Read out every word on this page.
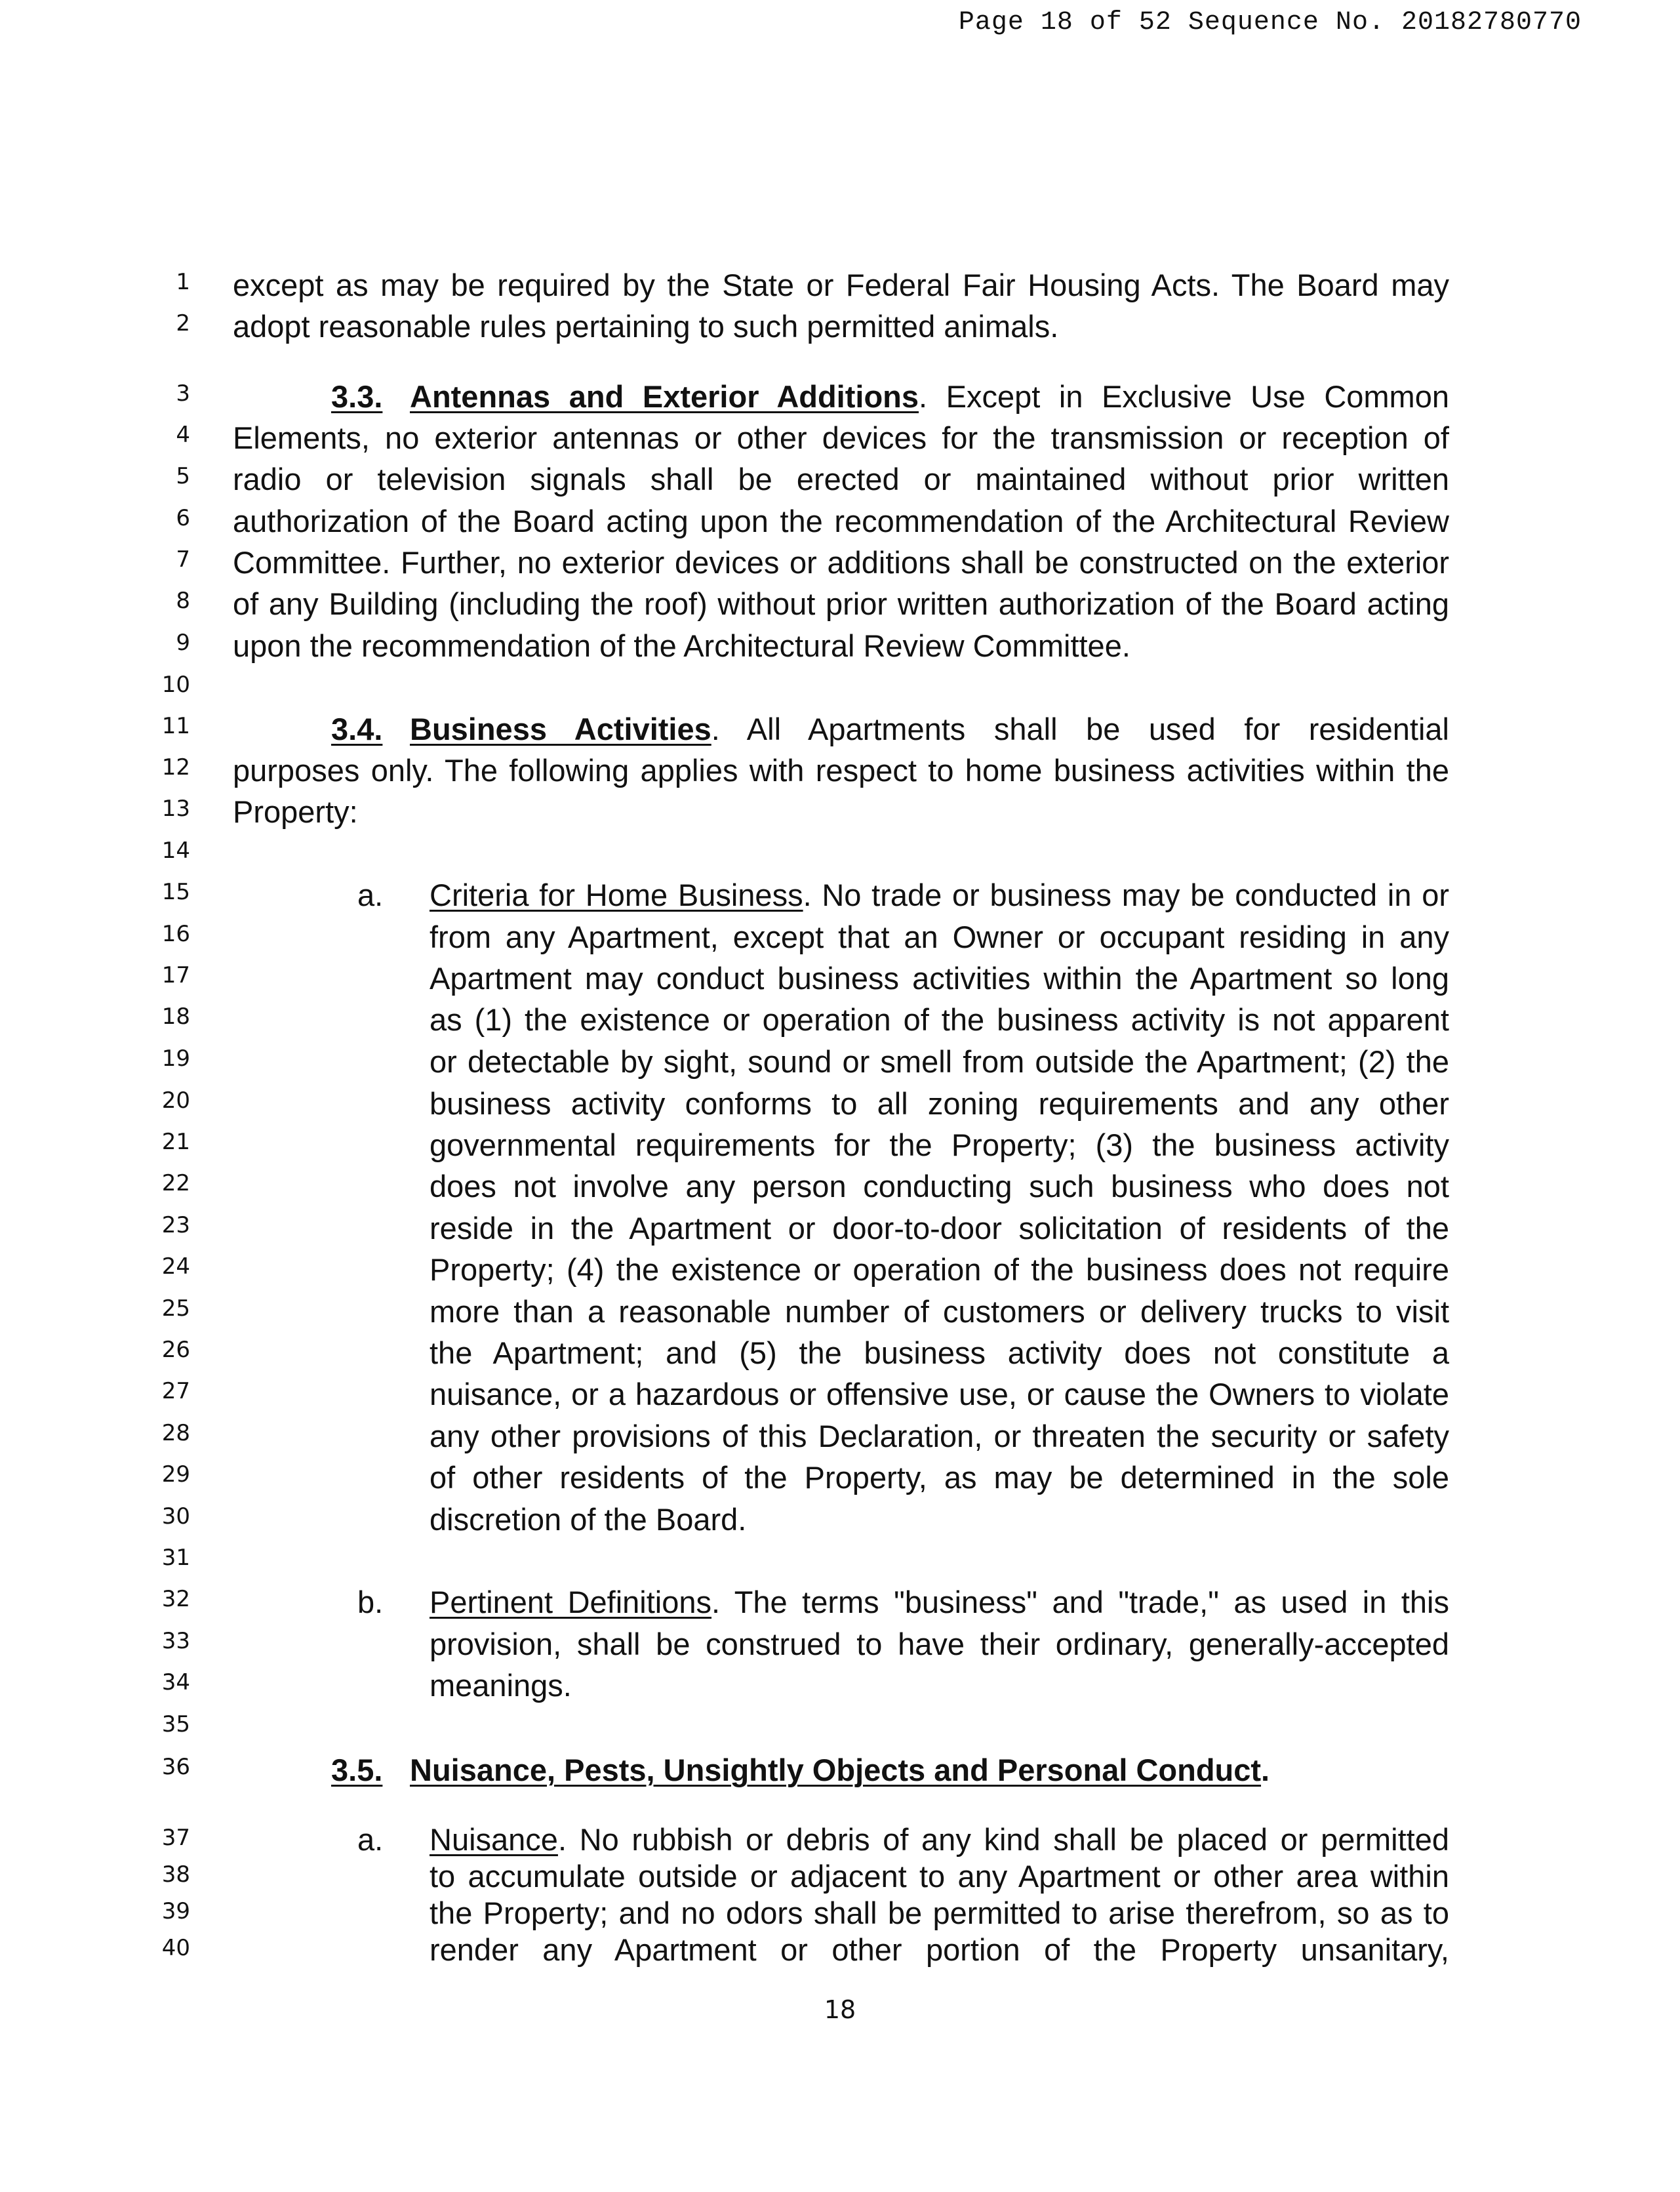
Page 18 of 52 Sequence No. 20182780770
1
2
3
4
5
6
7
8
9
10
11
12
13
14
15
16
17
18
19
20
21
22
23
24
25
26
27
28
29
30
31
32
33
34
35
36
37
38
39
40
except as may be required by the State or Federal Fair Housing Acts. The Board may
adopt reasonable rules pertaining to such permitted animals.
3.3. Antennas and Exterior Additions. Except in Exclusive Use Common
Elements, no exterior antennas or other devices for the transmission or reception of
radio or television signals shall be erected or maintained without prior written
authorization of the Board acting upon the recommendation of the Architectural Review
Committee. Further, no exterior devices or additions shall be constructed on the exterior
of any Building (including the roof) without prior written authorization of the Board acting
upon the recommendation of the Architectural Review Committee.
3.4. Business Activities. All Apartments shall be used for residential
purposes only. The following applies with respect to home business activities within the
Property:
a. Criteria for Home Business. No trade or business may be conducted in or
from any Apartment, except that an Owner or occupant residing in any
Apartment may conduct business activities within the Apartment so long
as (1) the existence or operation of the business activity is not apparent
or detectable by sight, sound or smell from outside the Apartment; (2) the
business activity conforms to all zoning requirements and any other
governmental requirements for the Property; (3) the business activity
does not involve any person conducting such business who does not
reside in the Apartment or door-to-door solicitation of residents of the
Property; (4) the existence or operation of the business does not require
more than a reasonable number of customers or delivery trucks to visit
the Apartment; and (5) the business activity does not constitute a
nuisance, or a hazardous or offensive use, or cause the Owners to violate
any other provisions of this Declaration, or threaten the security or safety
of other residents of the Property, as may be determined in the sole
discretion of the Board.
b. Pertinent Definitions. The terms "business" and "trade," as used in this
provision, shall be construed to have their ordinary, generally-accepted
meanings.
3.5. Nuisance, Pests, Unsightly Objects and Personal Conduct.
a. Nuisance. No rubbish or debris of any kind shall be placed or permitted
to accumulate outside or adjacent to any Apartment or other area within
the Property; and no odors shall be permitted to arise therefrom, so as to
render any Apartment or other portion of the Property unsanitary,
18
